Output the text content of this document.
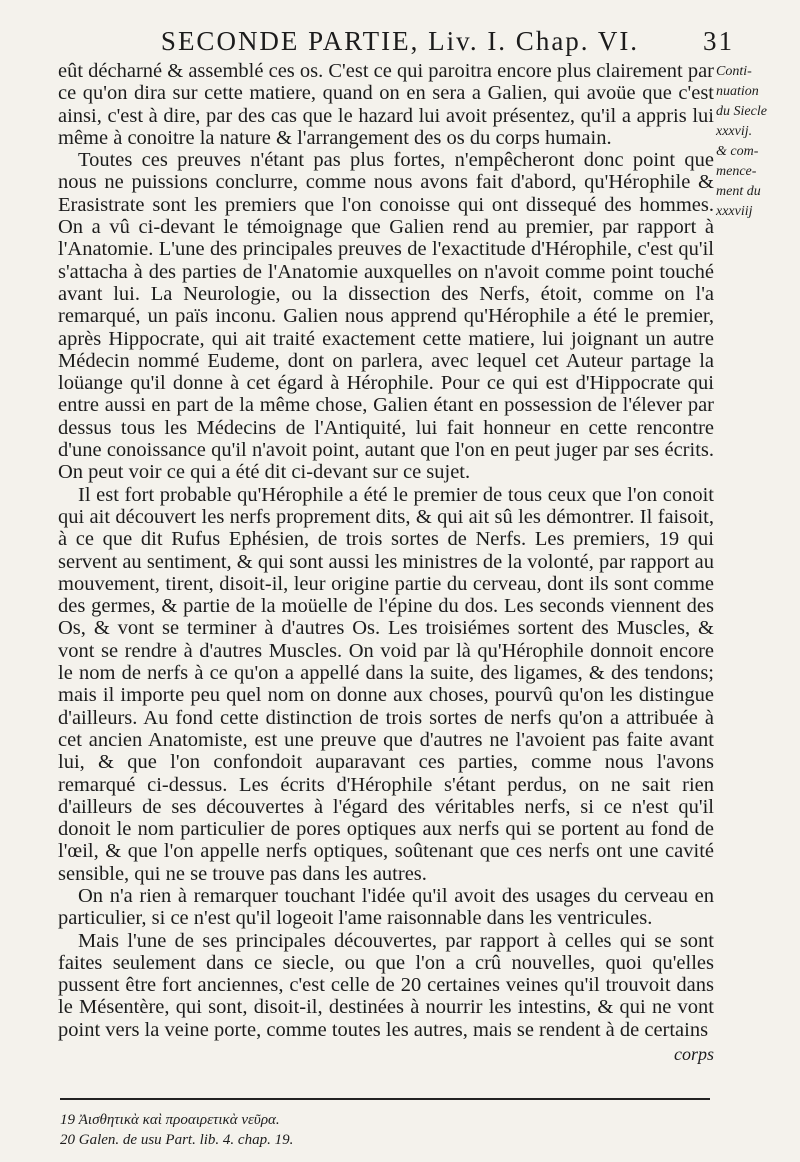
SECONDE PARTIE, Liv. I. Chap. VI. 31
Conti-
nuation
du Siecle
xxxvij.
& com-
mence-
ment du
xxxviij

eût décharné & assemblé ces os. C'est ce qui paroitra encore plus clairement par ce qu'on dira sur cette matiere, quand on en sera a Galien, qui avoüe que c'est ainsi, c'est à dire, par des cas que le hazard lui avoit présentez, qu'il a appris lui même à conoitre la nature & l'arrangement des os du corps humain.

Toutes ces preuves n'étant pas plus fortes, n'empêcheront donc point que nous ne puissions conclurre, comme nous avons fait d'abord, qu'Hérophile & Erasistrate sont les premiers que l'on conoisse qui ont dissequé des hommes. On a vû ci-devant le témoignage que Galien rend au premier, par rapport à l'Anatomie. L'une des principales preuves de l'exactitude d'Hérophile, c'est qu'il s'attacha à des parties de l'Anatomie auxquelles on n'avoit comme point touché avant lui. La Neurologie, ou la dissection des Nerfs, étoit, comme on l'a remarqué, un païs inconu. Galien nous apprend qu'Hérophile a été le premier, après Hippocrate, qui ait traité exactement cette matiere, lui joignant un autre Médecin nommé Eudeme, dont on parlera, avec lequel cet Auteur partage la loüange qu'il donne à cet égard à Hérophile. Pour ce qui est d'Hippocrate qui entre aussi en part de la même chose, Galien étant en possession de l'élever par dessus tous les Médecins de l'Antiquité, lui fait honneur en cette rencontre d'une conoissance qu'il n'avoit point, autant que l'on en peut juger par ses écrits. On peut voir ce qui a été dit ci-devant sur ce sujet.

Il est fort probable qu'Hérophile a été le premier de tous ceux que l'on conoit qui ait découvert les nerfs proprement dits, & qui ait sû les démontrer. Il faisoit, à ce que dit Rufus Ephésien, de trois sortes de Nerfs. Les premiers, 19 qui servent au sentiment, & qui sont aussi les ministres de la volonté, par rapport au mouvement, tirent, disoit-il, leur origine partie du cerveau, dont ils sont comme des germes, & partie de la moüelle de l'épine du dos. Les seconds viennent des Os, & vont se terminer à d'autres Os. Les troisiémes sortent des Muscles, & vont se rendre à d'autres Muscles. On void par là qu'Hérophile donnoit encore le nom de nerfs à ce qu'on a appellé dans la suite, des ligames, & des tendons; mais il importe peu quel nom on donne aux choses, pourvû qu'on les distingue d'ailleurs. Au fond cette distinction de trois sortes de nerfs qu'on a attribuée à cet ancien Anatomiste, est une preuve que d'autres ne l'avoient pas faite avant lui, & que l'on confondoit auparavant ces parties, comme nous l'avons remarqué ci-dessus. Les écrits d'Hérophile s'étant perdus, on ne sait rien d'ailleurs de ses découvertes à l'égard des véritables nerfs, si ce n'est qu'il donoit le nom particulier de pores optiques aux nerfs qui se portent au fond de l'œil, & que l'on appelle nerfs optiques, soûtenant que ces nerfs ont une cavité sensible, qui ne se trouve pas dans les autres.

On n'a rien à remarquer touchant l'idée qu'il avoit des usages du cerveau en particulier, si ce n'est qu'il logeoit l'ame raisonnable dans les ventricules.

Mais l'une de ses principales découvertes, par rapport à celles qui se sont faites seulement dans ce siecle, ou que l'on a crû nouvelles, quoi qu'elles pussent être fort anciennes, c'est celle de 20 certaines veines qu'il trouvoit dans le Mésentère, qui sont, disoit-il, destinées à nourrir les intestins, & qui ne vont point vers la veine porte, comme toutes les autres, mais se rendent à de certains

corps
19 Ἀισθητικὰ καὶ προαιρετικὰ νεῦρα.
20 Galen. de usu Part. lib. 4. chap. 19.
